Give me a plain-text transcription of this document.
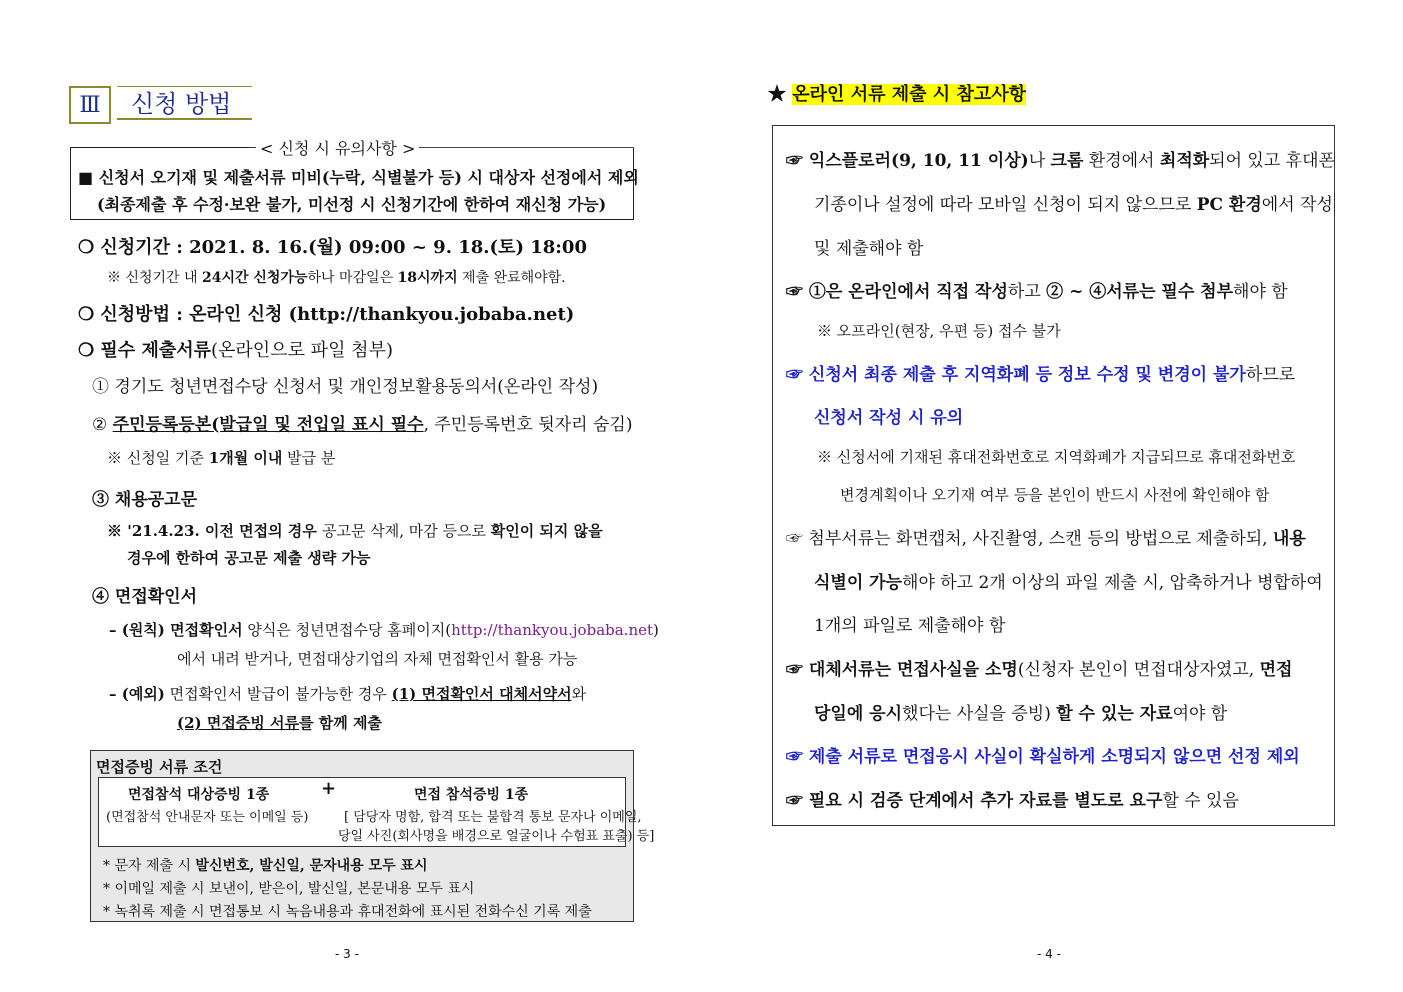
Ⅲ	신청 방법
< 신청 시 유의사항 >
■ 신청서 오기재 및 제출서류 미비(누락, 식별불가 등) 시 대상자 선정에서 제외
(최종제출 후 수정·보완 불가, 미선정 시 신청기간에 한하여 재신청 가능)
❍ 신청기간 : 2021. 8. 16.(월) 09:00 ~ 9. 18.(토) 18:00
※ 신청기간 내 24시간 신청가능하나 마감일은 18시까지 제출 완료해야함.
❍ 신청방법 : 온라인 신청 (http://thankyou.jobaba.net)
❍ 필수 제출서류(온라인으로 파일 첨부)
① 경기도 청년면접수당 신청서 및 개인정보활용동의서(온라인 작성)
② 주민등록등본(발급일 및 전입일 표시 필수, 주민등록번호 뒷자리 숨김)
※ 신청일 기준 1개월 이내 발급 분
③ 채용공고문
※ '21.4.23. 이전 면접의 경우 공고문 삭제, 마감 등으로 확인이 되지 않을
경우에 한하여 공고문 제출 생략 가능
④ 면접확인서
– (원칙) 면접확인서 양식은 청년면접수당 홈페이지(http://thankyou.jobaba.net)
에서 내려 받거나, 면접대상기업의 자체 면접확인서 활용 가능
– (예외) 면접확인서 발급이 불가능한 경우 (1) 면접확인서 대체서약서와
(2) 면접증빙 서류를 함께 제출
면접증빙 서류 조건
면접참석 대상증빙 1종	+	면접 참석증빙 1종
(면접참석 안내문자 또는 이메일 등)	[ 담당자 명함, 합격 또는 불합격 통보 문자나 이메일,
당일 사진(회사명을 배경으로 얼굴이나 수험표 표출) 등]
* 문자 제출 시 발신번호, 발신일, 문자내용 모두 표시
* 이메일 제출 시 보낸이, 받은이, 발신일, 본문내용 모두 표시
* 녹취록 제출 시 면접통보 시 녹음내용과 휴대전화에 표시된 전화수신 기록 제출
- 3 -
★ 온라인 서류 제출 시 참고사항
☞ 익스플로러(9, 10, 11 이상)나 크롬 환경에서 최적화되어 있고 휴대폰
기종이나 설정에 따라 모바일 신청이 되지 않으므로 PC 환경에서 작성
및 제출해야 함
☞ ①은 온라인에서 직접 작성하고 ② ~ ④서류는 필수 첨부해야 함
※ 오프라인(현장, 우편 등) 접수 불가
☞ 신청서 최종 제출 후 지역화폐 등 정보 수정 및 변경이 불가하므로
신청서 작성 시 유의
※ 신청서에 기재된 휴대전화번호로 지역화폐가 지급되므로 휴대전화번호
변경계획이나 오기재 여부 등을 본인이 반드시 사전에 확인해야 함
☞ 첨부서류는 화면캡처, 사진촬영, 스캔 등의 방법으로 제출하되, 내용
식별이 가능해야 하고 2개 이상의 파일 제출 시, 압축하거나 병합하여
1개의 파일로 제출해야 함
☞ 대체서류는 면접사실을 소명(신청자 본인이 면접대상자였고, 면접
당일에 응시했다는 사실을 증빙) 할 수 있는 자료여야 함
☞ 제출 서류로 면접응시 사실이 확실하게 소명되지 않으면 선정 제외
☞ 필요 시 검증 단계에서 추가 자료를 별도로 요구할 수 있음
- 4 -
